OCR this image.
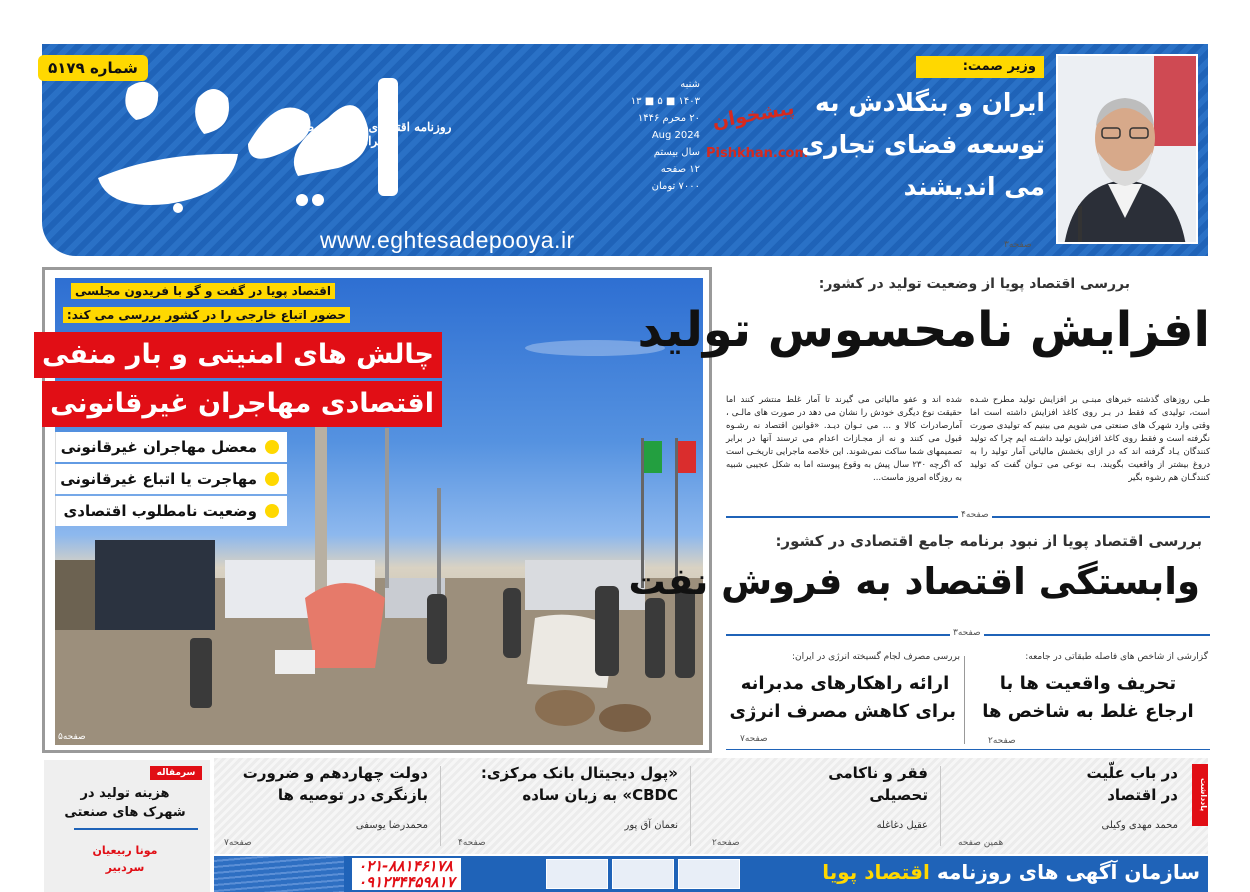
شماره ۵۱۷۹
اقتصاد پویا
روزنامه اقتصادی، اجتماعی صبح ایران
www.eghtesadepooya.ir
شنبه
۱۴۰۳ ■ ۵ ■ ۱۳
۲۰ محرم ۱۴۴۶
2024 Aug
سال بیستم
۱۲ صفحه
۷۰۰۰ تومان
پیشخوان
Pishkhan.com
وزیر صمت:
ایران و بنگلادش به
توسعه فضای تجاری
می اندیشند
صفحه۳
اقتصاد پویا در گفت و گو با فریدون مجلسی
حضور اتباع خارجی را در کشور بررسی می کند:
چالش های امنیتی و بار منفی
اقتصادی مهاجران غیرقانونی
معضل مهاجران غیرقانونی
مهاجرت یا اتباع غیرقانونی
وضعیت نامطلوب اقتصادی
صفحه۵
بررسی اقتصاد پویا از وضعیت تولید در کشور:
افزایش نامحسوس تولید
طـی روزهای گذشته خبرهای مبنـی بر افزایش تولید مطرح شـده است، تولیدی که فقط در بـر روی کاغذ افزایش داشته است اما وقتی وارد شهرک های صنعتی می شویم می بینیم که تولیدی صورت نگرفته است و فقط روی کاغذ افزایش تولید داشـته ایم چرا که تولید کنندگان یـاد گرفته اند که در ازای بخشش مالیاتی آمار تولید را به دروغ بیشتر از واقعیت بگویند. بـه نوعی می تـوان گفت که تولید کنندگـان هم رشوه بگیر
شده اند و عفو مالیاتی می گیرند تا آمار غلط منتشر کنند اما حقیقت نوع دیگری خودش را نشان می دهد در صورت های مالـی ، آمارصادرات کالا و ... می تـوان دیـد. «قوانین اقتصاد نه رشـوه قبول می کنند و نه از مجـازات اعدام می ترسند آنها در برابر تصمیمهای شما ساکت نمی‌شوند. این خلاصه ماجرایی تاریخـی است که اگرچه ۲۳۰ سال پیش به وقوع پیوسته اما به شکل عجیبی شبیه به روزگاه امروز ماست...
صفحه۴
بررسی اقتصاد پویا از نبود برنامه جامع اقتصادی در کشور:
وابستگی اقتصاد به فروش نفت
صفحه۳
گزارشی از شاخص های فاصله طبقاتی در جامعه:
تحریف واقعیت ها با
ارجاع غلط به شاخص ها
صفحه۲
بررسی مصرف لجام گسیخته انرژی در ایران:
ارائه راهکارهای مدبرانه
برای کاهش مصرف انرژی
صفحه۷
یادداشت
در باب علّیت
در اقتصاد
محمد مهدی وکیلی
همین صفحه
فقر و ناکامی
تحصیلی
عقیل دغاغله
صفحه۲
«پول دیجیتال بانک مرکزی:
CBDC» به زبان ساده
نعمان آق پور
صفحه۴
دولت چهاردهم و ضرورت
بازنگری در توصیه ها
محمدرضا یوسفی
صفحه۷
سرمقاله
هزینه تولید در
شهرک های صنعتی
مونا ربیعیان
سردبیر	۰۲۱-۸۸۱۴۶۱۷۸
۰۹۱۲۳۴۴۵۹۸۱۷	سازمان آگهی های روزنامه اقتصاد پویا
